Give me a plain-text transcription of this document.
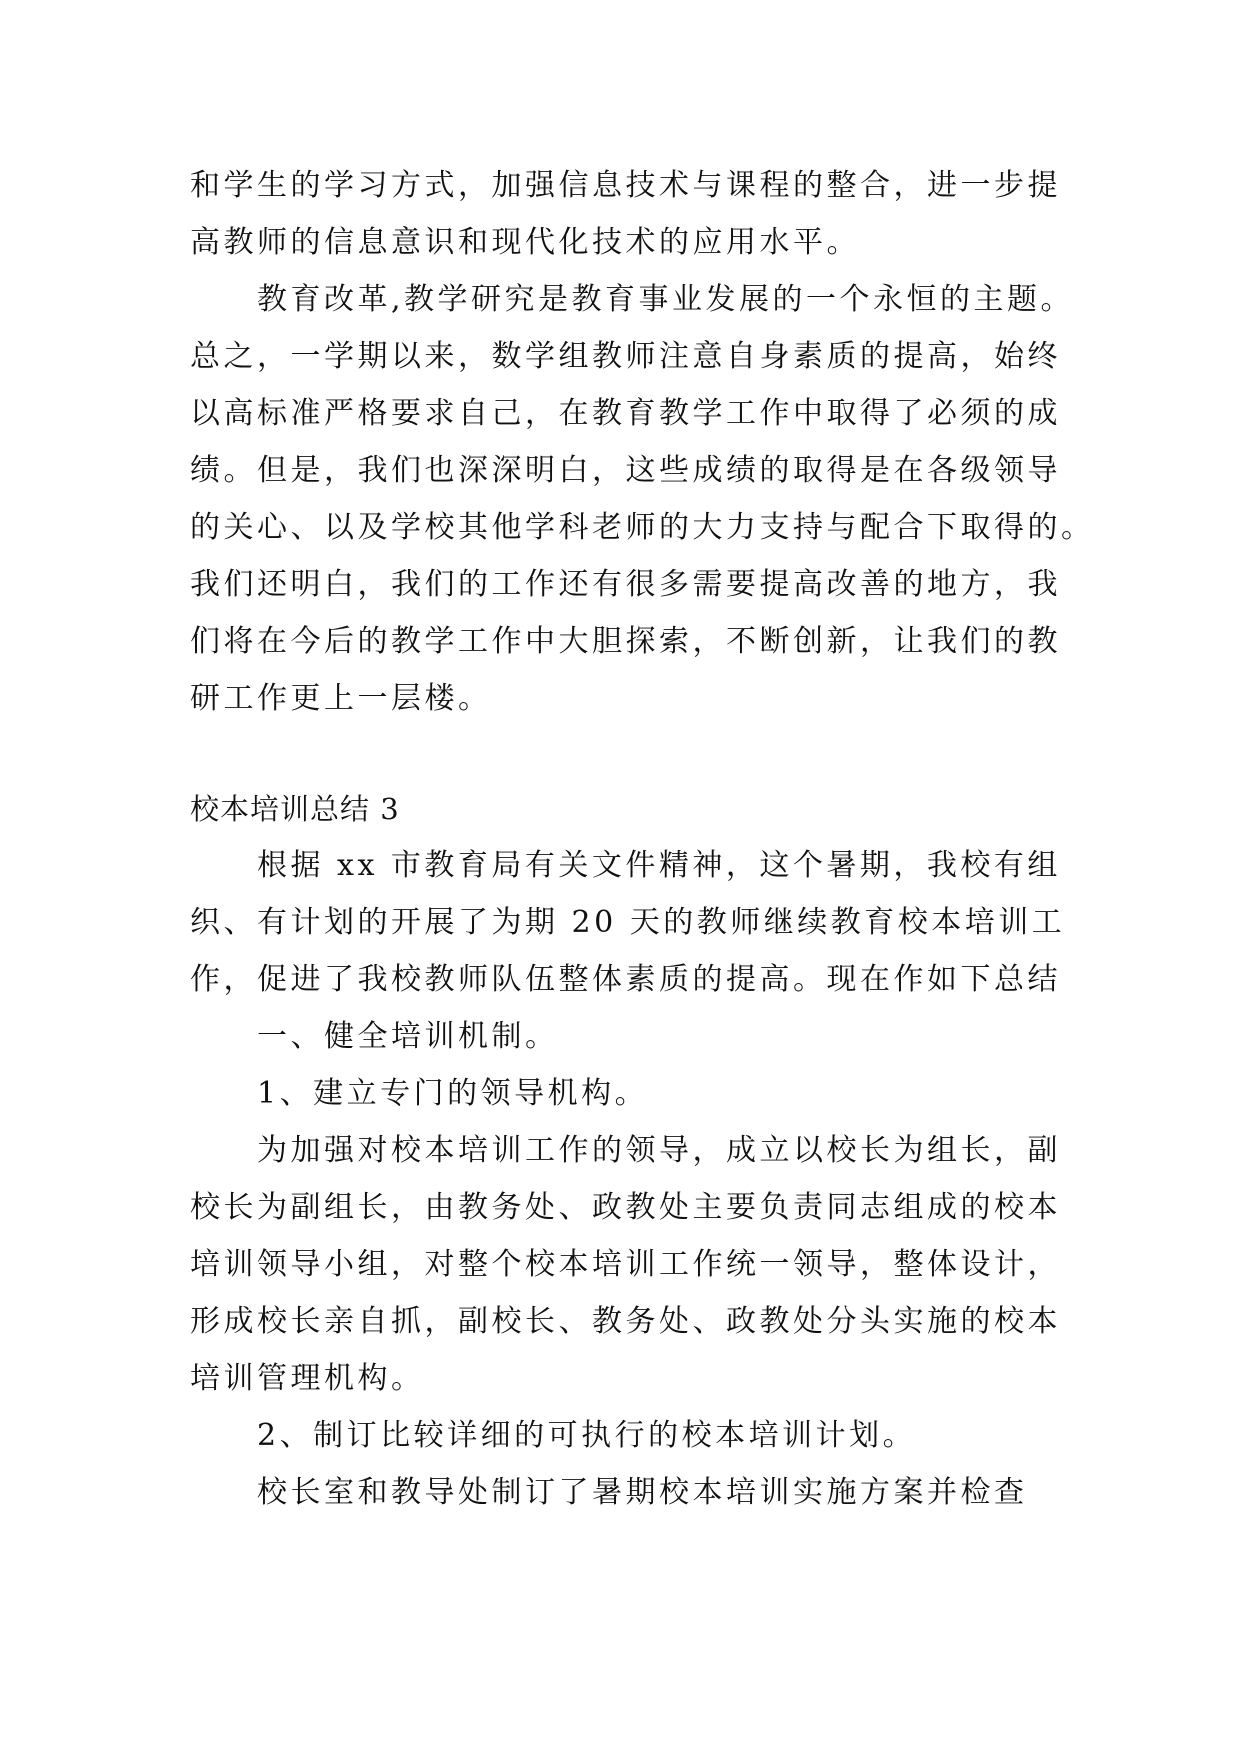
和学生的学习方式，加强信息技术与课程的整合，进一步提
高教师的信息意识和现代化技术的应用水平。
教育改革,教学研究是教育事业发展的一个永恒的主题。
总之，一学期以来，数学组教师注意自身素质的提高，始终
以高标准严格要求自己，在教育教学工作中取得了必须的成
绩。但是，我们也深深明白，这些成绩的取得是在各级领导
的关心、以及学校其他学科老师的大力支持与配合下取得的。
我们还明白，我们的工作还有很多需要提高改善的地方，我
们将在今后的教学工作中大胆探索，不断创新，让我们的教
研工作更上一层楼。
校本培训总结 3
根据 xx 市教育局有关文件精神，这个暑期，我校有组
织、有计划的开展了为期 20 天的教师继续教育校本培训工
作，促进了我校教师队伍整体素质的提高。现在作如下总结
一、健全培训机制。
1、建立专门的领导机构。
为加强对校本培训工作的领导，成立以校长为组长，副
校长为副组长，由教务处、政教处主要负责同志组成的校本
培训领导小组，对整个校本培训工作统一领导，整体设计，
形成校长亲自抓，副校长、教务处、政教处分头实施的校本
培训管理机构。
2、制订比较详细的可执行的校本培训计划。
校长室和教导处制订了暑期校本培训实施方案并检查
